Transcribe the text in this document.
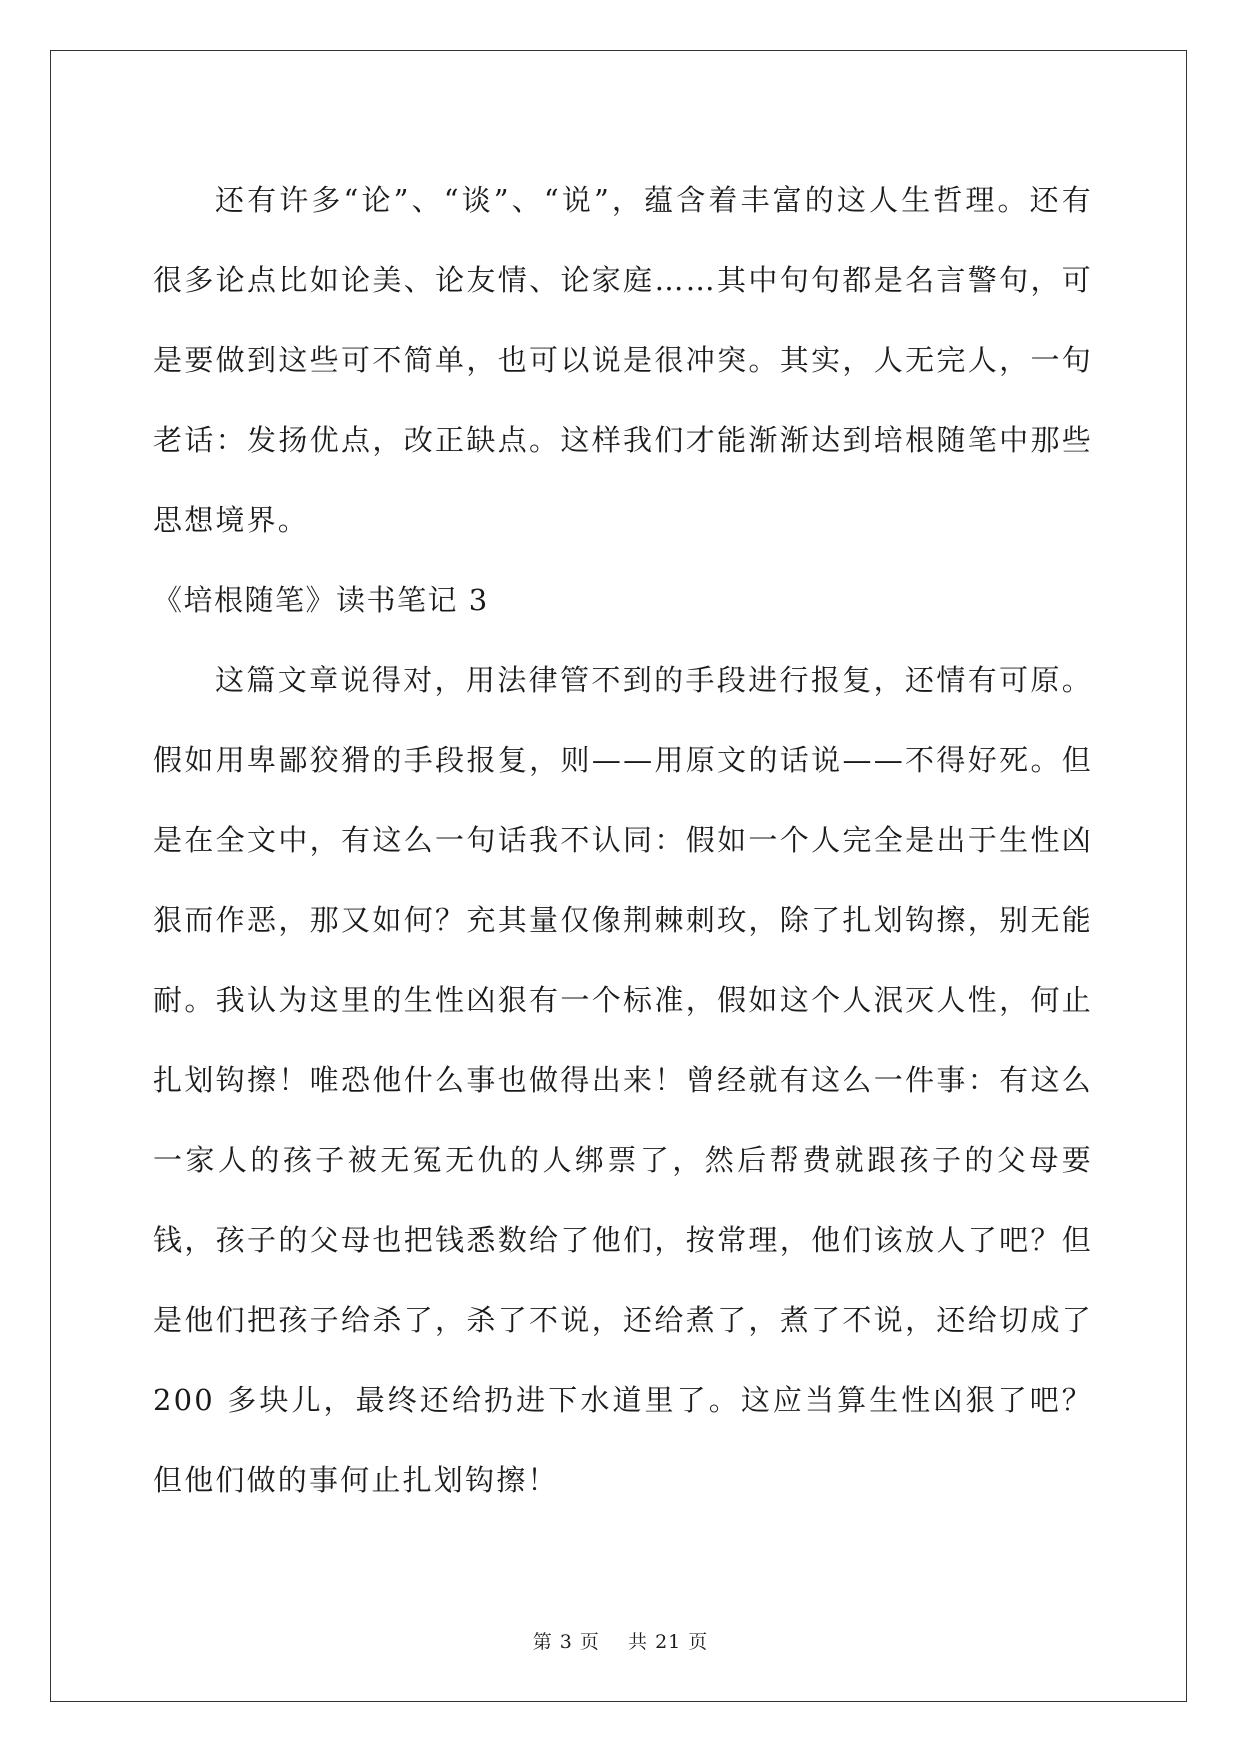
还有许多“论”、“谈”、“说”，蕴含着丰富的这人生哲理。还有很多论点比如论美、论友情、论家庭……其中句句都是名言警句，可是要做到这些可不简单，也可以说是很冲突。其实，人无完人，一句老话：发扬优点，改正缺点。这样我们才能渐渐达到培根随笔中那些思想境界。

《培根随笔》读书笔记 3

这篇文章说得对，用法律管不到的手段进行报复，还情有可原。假如用卑鄙狡猾的手段报复，则——用原文的话说——不得好死。但是在全文中，有这么一句话我不认同：假如一个人完全是出于生性凶狠而作恶，那又如何？充其量仅像荆棘刺玫，除了扎划钩擦，别无能耐。我认为这里的生性凶狠有一个标准，假如这个人泯灭人性，何止扎划钩擦！唯恐他什么事也做得出来！曾经就有这么一件事：有这么一家人的孩子被无冤无仇的人绑票了，然后帮费就跟孩子的父母要钱，孩子的父母也把钱悉数给了他们，按常理，他们该放人了吧？但是他们把孩子给杀了，杀了不说，还给煮了，煮了不说，还给切成了 200 多块儿，最终还给扔进下水道里了。这应当算生性凶狠了吧？但他们做的事何止扎划钩擦！

第 3 页 共 21 页
